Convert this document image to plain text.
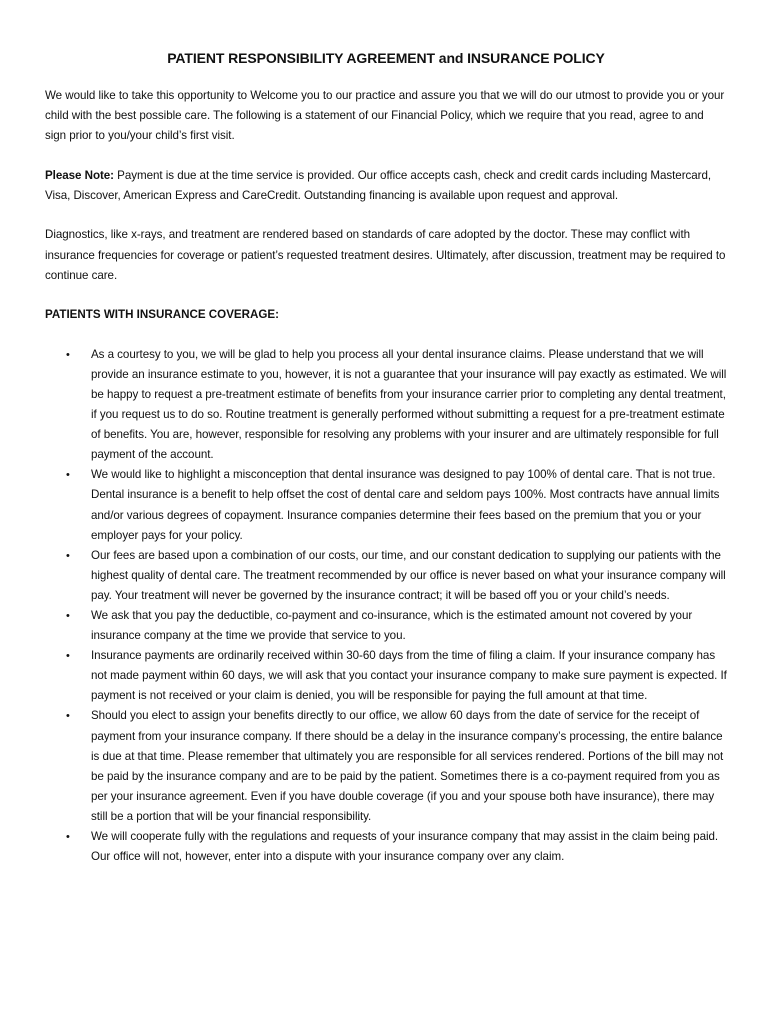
PATIENT RESPONSIBILITY AGREEMENT and INSURANCE POLICY

We would like to take this opportunity to Welcome you to our practice and assure you that we will do our utmost to provide you or your child with the best possible care. The following is a statement of our Financial Policy, which we require that you read, agree to and sign prior to you/your child’s first visit.

Please Note: Payment is due at the time service is provided. Our office accepts cash, check and credit cards including Mastercard, Visa, Discover, American Express and CareCredit. Outstanding financing is available upon request and approval.

Diagnostics, like x-rays, and treatment are rendered based on standards of care adopted by the doctor. These may conflict with insurance frequencies for coverage or patient’s requested treatment desires. Ultimately, after discussion, treatment may be required to continue care.

PATIENTS WITH INSURANCE COVERAGE:
• As a courtesy to you, we will be glad to help you process all your dental insurance claims. Please understand that we will provide an insurance estimate to you, however, it is not a guarantee that your insurance will pay exactly as estimated. We will be happy to request a pre-treatment estimate of benefits from your insurance carrier prior to completing any dental treatment, if you request us to do so. Routine treatment is generally performed without submitting a request for a pre-treatment estimate of benefits. You are, however, responsible for resolving any problems with your insurer and are ultimately responsible for full payment of the account.
• We would like to highlight a misconception that dental insurance was designed to pay 100% of dental care. That is not true. Dental insurance is a benefit to help offset the cost of dental care and seldom pays 100%. Most contracts have annual limits and/or various degrees of copayment. Insurance companies determine their fees based on the premium that you or your employer pays for your policy.
• Our fees are based upon a combination of our costs, our time, and our constant dedication to supplying our patients with the highest quality of dental care. The treatment recommended by our office is never based on what your insurance company will pay. Your treatment will never be governed by the insurance contract; it will be based off you or your child’s needs.
• We ask that you pay the deductible, co-payment and co-insurance, which is the estimated amount not covered by your insurance company at the time we provide that service to you.
• Insurance payments are ordinarily received within 30-60 days from the time of filing a claim. If your insurance company has not made payment within 60 days, we will ask that you contact your insurance company to make sure payment is expected. If payment is not received or your claim is denied, you will be responsible for paying the full amount at that time.
• Should you elect to assign your benefits directly to our office, we allow 60 days from the date of service for the receipt of payment from your insurance company. If there should be a delay in the insurance company’s processing, the entire balance is due at that time. Please remember that ultimately you are responsible for all services rendered. Portions of the bill may not be paid by the insurance company and are to be paid by the patient. Sometimes there is a co-payment required from you as per your insurance agreement. Even if you have double coverage (if you and your spouse both have insurance), there may still be a portion that will be your financial responsibility.
• We will cooperate fully with the regulations and requests of your insurance company that may assist in the claim being paid. Our office will not, however, enter into a dispute with your insurance company over any claim.
